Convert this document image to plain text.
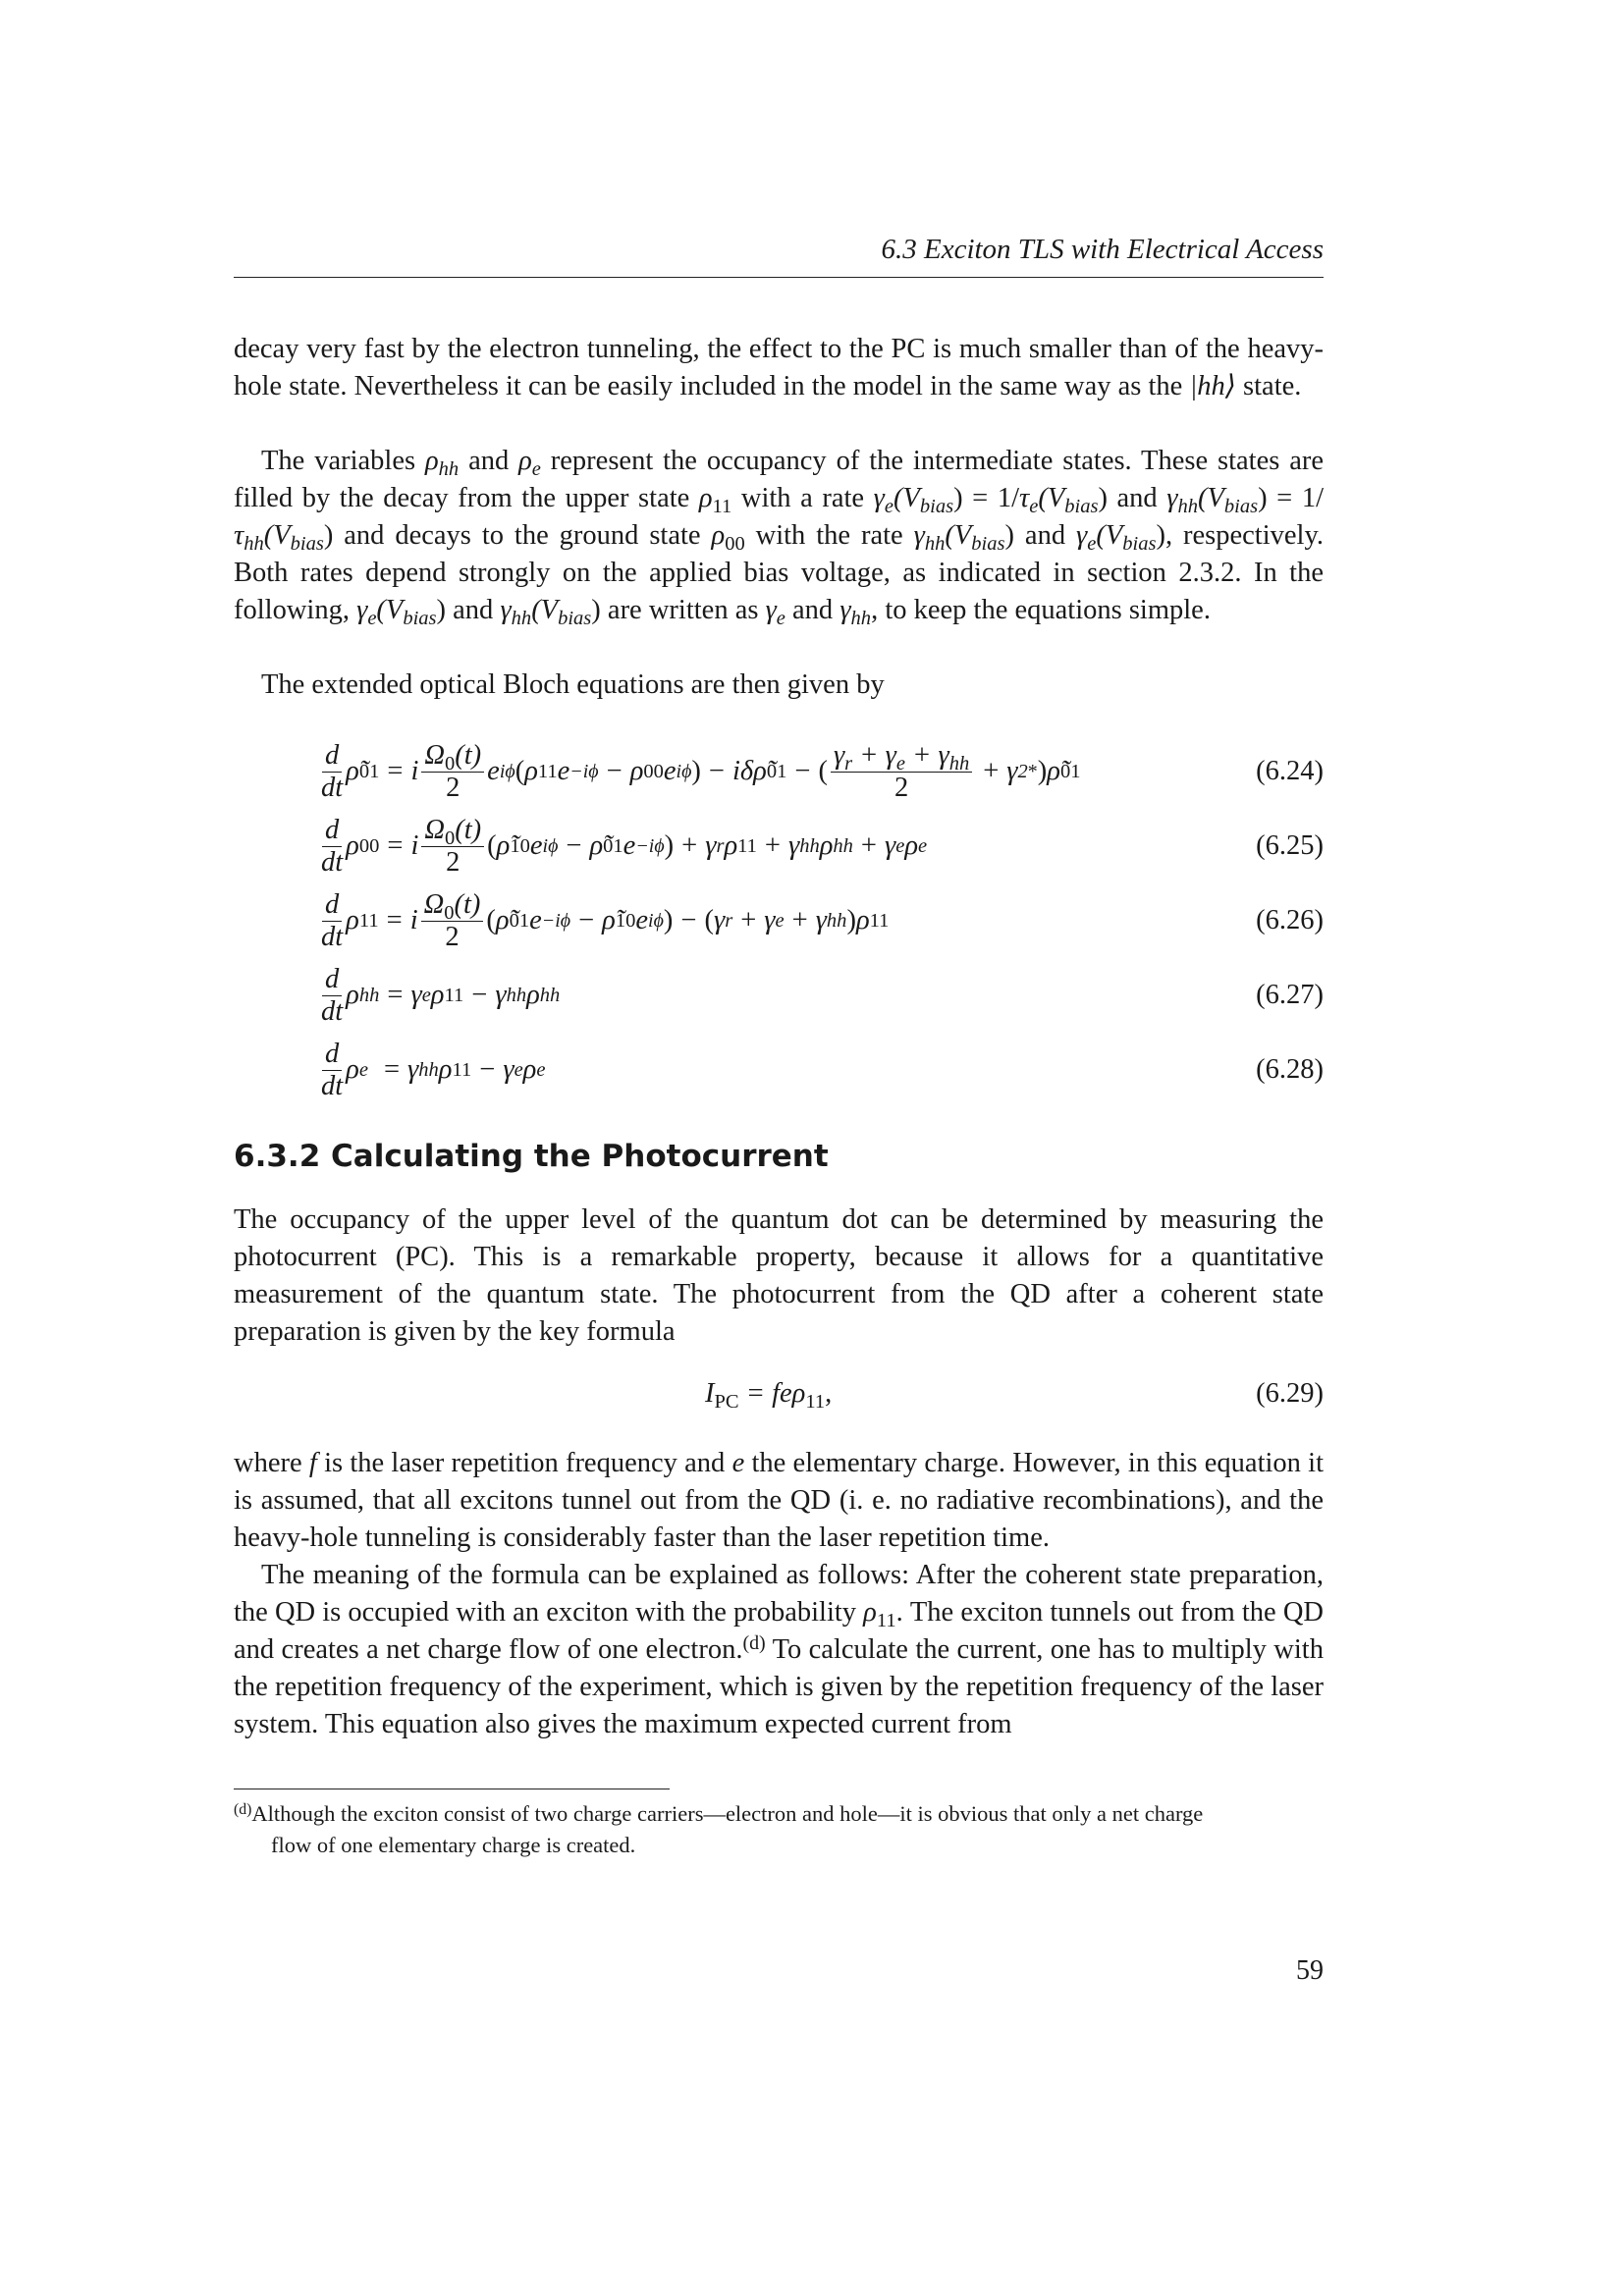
6.3 Exciton TLS with Electrical Access

decay very fast by the electron tunneling, the effect to the PC is much smaller than of the heavy-hole state. Nevertheless it can be easily included in the model in the same way as the |hh⟩ state.

The variables $\rho_{hh}$ and $\rho_e$ represent the occupancy of the intermediate states. These states are filled by the decay from the upper state $\rho_{11}$ with a rate $\gamma_e(V_{bias}) = 1/\tau_e(V_{bias})$ and $\gamma_{hh}(V_{bias}) = 1/\tau_{hh}(V_{bias})$ and decays to the ground state $\rho_{00}$ with the rate $\gamma_{hh}(V_{bias})$ and $\gamma_e(V_{bias})$, respectively. Both rates depend strongly on the applied bias voltage, as indicated in section 2.3.2. In the following, $\gamma_e(V_{bias})$ and $\gamma_{hh}(V_{bias})$ are written as $\gamma_e$ and $\gamma_{hh}$, to keep the equations simple.

The extended optical Bloch equations are then given by

$\frac{d}{dt}$ ρ̃ 01 = i $\frac{\Omega_0(t)}{2}$ e iϕ ( ρ 11 e −iϕ − ρ 00 e iϕ ) − iδρ̃ 01 − ( $\frac{\gamma_r + \gamma_e + \gamma_{hh}}{2} + \gamma$ 2 * ) ρ̃ 01	(6.24)
$\frac{d}{dt}$ ρ 00 = i $\frac{\Omega_0(t)}{2}$ ( ρ̃ 10 e iϕ − ρ̃ 01 e −iϕ ) + γ r ρ 11 + γ hh ρ hh + γ e ρ e	(6.25)
$\frac{d}{dt}$ ρ 11 = i $\frac{\Omega_0(t)}{2}$ ( ρ̃ 01 e −iϕ − ρ̃ 10 e iϕ ) − ( γ r + γ e + γ hh ) ρ 11	(6.26)
$\frac{d}{dt}$ ρ hh = γ e ρ 11 − γ hh ρ hh	(6.27)
$\frac{d}{dt}$ ρ e = γ hh ρ 11 − γ e ρ e	(6.28)
6.3.2 Calculating the Photocurrent

The occupancy of the upper level of the quantum dot can be determined by measuring the photocurrent (PC). This is a remarkable property, because it allows for a quantitative measurement of the quantum state. The photocurrent from the QD after a coherent state preparation is given by the key formula

$I_{PC} = fe\rho_{11}$,	(6.29)

where f is the laser repetition frequency and e the elementary charge. However, in this equation it is assumed, that all excitons tunnel out from the QD (i. e. no radiative recombinations), and the heavy-hole tunneling is considerably faster than the laser repetition time.

The meaning of the formula can be explained as follows: After the coherent state preparation, the QD is occupied with an exciton with the probability $\rho_{11}$. The exciton tunnels out from the QD and creates a net charge flow of one electron.$^{(d)}$ To calculate the current, one has to multiply with the repetition frequency of the experiment, which is given by the repetition frequency of the laser system. This equation also gives the maximum expected current from

$^{(d)}$Although the exciton consist of two charge carriers—electron and hole—it is obvious that only a net charge
flow of one elementary charge is created.
59
